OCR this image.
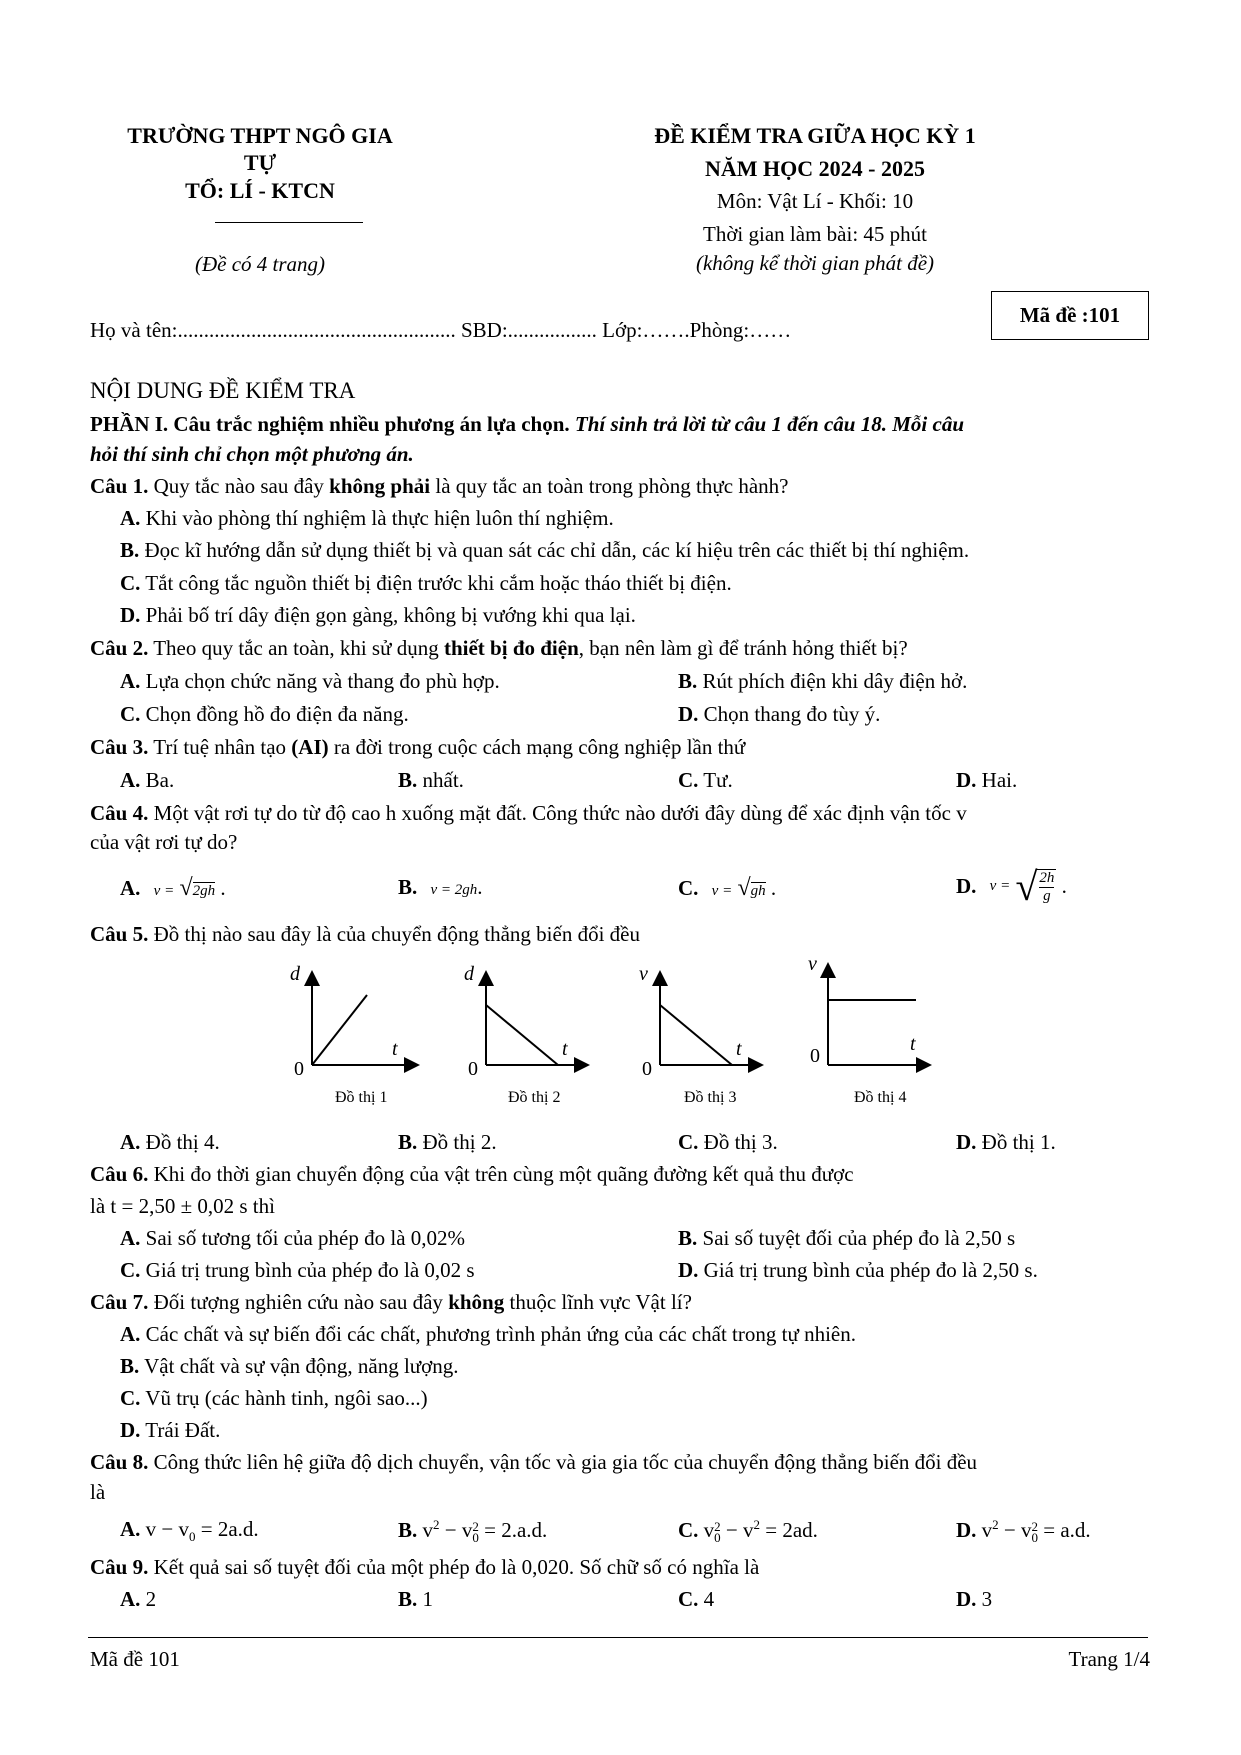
TRƯỜNG THPT NGÔ GIA
TỰ
TỔ: LÍ - KTCN
(Đề có 4 trang)
ĐỀ KIỂM TRA GIỮA HỌC KỲ 1
NĂM HỌC 2024 - 2025
Môn: Vật Lí - Khối: 10
Thời gian làm bài: 45 phút
(không kể thời gian phát đề)
Họ và tên:..................................................... SBD:................. Lớp:…….Phòng:……
Mã đề :101
NỘI DUNG ĐỀ KIỂM TRA
PHẦN I. Câu trắc nghiệm nhiều phương án lựa chọn. Thí sinh trả lời từ câu 1 đến câu 18. Mỗi câu
hỏi thí sinh chỉ chọn một phương án.
Câu 1. Quy tắc nào sau đây không phải là quy tắc an toàn trong phòng thực hành?
A. Khi vào phòng thí nghiệm là thực hiện luôn thí nghiệm.
B. Đọc kĩ hướng dẫn sử dụng thiết bị và quan sát các chỉ dẫn, các kí hiệu trên các thiết bị thí nghiệm.
C. Tắt công tắc nguồn thiết bị điện trước khi cắm hoặc tháo thiết bị điện.
D. Phải bố trí dây điện gọn gàng, không bị vướng khi qua lại.
Câu 2. Theo quy tắc an toàn, khi sử dụng thiết bị đo điện, bạn nên làm gì để tránh hỏng thiết bị?
A. Lựa chọn chức năng và thang đo phù hợp.	B. Rút phích điện khi dây điện hở.
C. Chọn đồng hồ đo điện đa năng.	D. Chọn thang đo tùy ý.
Câu 3. Trí tuệ nhân tạo (AI) ra đời trong cuộc cách mạng công nghiệp lần thứ
A. Ba.	B. nhất.	C. Tư.	D. Hai.
Câu 4. Một vật rơi tự do từ độ cao h xuống mặt đất. Công thức nào dưới đây dùng để xác định vận tốc v
của vật rơi tự do?
A. v = √2gh .	B. v = 2gh.	C. v = √gh .	D. v = √ $\frac{2h}{g}$ .
Câu 5. Đồ thị nào sau đây là của chuyển động thẳng biến đổi đều
d
t
0
Đồ thị 1
d
t
0
Đồ thị 2
v
t
0
Đồ thị 3
v
t
0
Đồ thị 4
A. Đồ thị 4.	B. Đồ thị 2.	C. Đồ thị 3.	D. Đồ thị 1.
Câu 6. Khi đo thời gian chuyển động của vật trên cùng một quãng đường kết quả thu được
là t = 2,50 ± 0,02 s thì
A. Sai số tương tối của phép đo là 0,02%	B. Sai số tuyệt đối của phép đo là 2,50 s
C. Giá trị trung bình của phép đo là 0,02 s	D. Giá trị trung bình của phép đo là 2,50 s.
Câu 7. Đối tượng nghiên cứu nào sau đây không thuộc lĩnh vực Vật lí?
A. Các chất và sự biến đổi các chất, phương trình phản ứng của các chất trong tự nhiên.
B. Vật chất và sự vận động, năng lượng.
C. Vũ trụ (các hành tinh, ngôi sao...)
D. Trái Đất.
Câu 8. Công thức liên hệ giữa độ dịch chuyển, vận tốc và gia gia tốc của chuyển động thẳng biến đổi đều
là
A. $v - v_0 = 2a.d$.	B. $v^2 - v$ 2
0 = 2.a.d.	C. v 2
$0 - v^2 = 2ad$.	D. $v^2 - v$ 2
0 = a.d.
Câu 9. Kết quả sai số tuyệt đối của một phép đo là 0,020. Số chữ số có nghĩa là
A. 2	B. 1	C. 4	D. 3
Mã đề 101	Trang 1/4
